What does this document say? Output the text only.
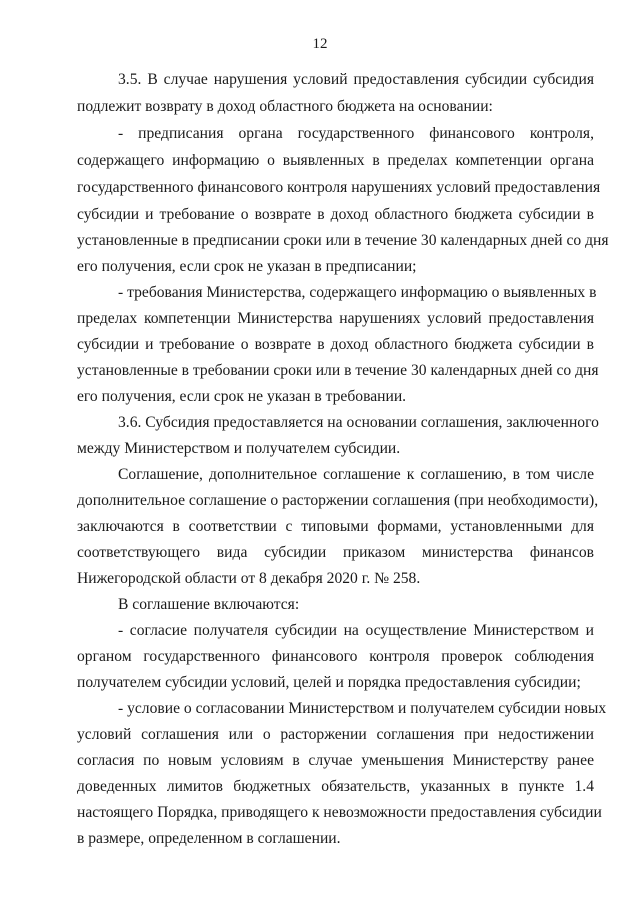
12
3.5. В случае нарушения условий предоставления субсидии субсидия
подлежит возврату в доход областного бюджета на основании:
- предписания органа государственного финансового контроля,
содержащего информацию о выявленных в пределах компетенции органа
государственного финансового контроля нарушениях условий предоставления
субсидии и требование о возврате в доход областного бюджета субсидии в
установленные в предписании сроки или в течение 30 календарных дней со дня
его получения, если срок не указан в предписании;
- требования Министерства, содержащего информацию о выявленных в
пределах компетенции Министерства нарушениях условий предоставления
субсидии и требование о возврате в доход областного бюджета субсидии в
установленные в требовании сроки или в течение 30 календарных дней со дня
его получения, если срок не указан в требовании.
3.6. Субсидия предоставляется на основании соглашения, заключенного
между Министерством и получателем субсидии.
Соглашение, дополнительное соглашение к соглашению, в том числе
дополнительное соглашение о расторжении соглашения (при необходимости),
заключаются в соответствии с типовыми формами, установленными для
соответствующего вида субсидии приказом министерства финансов
Нижегородской области от 8 декабря 2020 г. № 258.
В соглашение включаются:
- согласие получателя субсидии на осуществление Министерством и
органом государственного финансового контроля проверок соблюдения
получателем субсидии условий, целей и порядка предоставления субсидии;
- условие о согласовании Министерством и получателем субсидии новых
условий соглашения или о расторжении соглашения при недостижении
согласия по новым условиям в случае уменьшения Министерству ранее
доведенных лимитов бюджетных обязательств, указанных в пункте 1.4
настоящего Порядка, приводящего к невозможности предоставления субсидии
в размере, определенном в соглашении.
